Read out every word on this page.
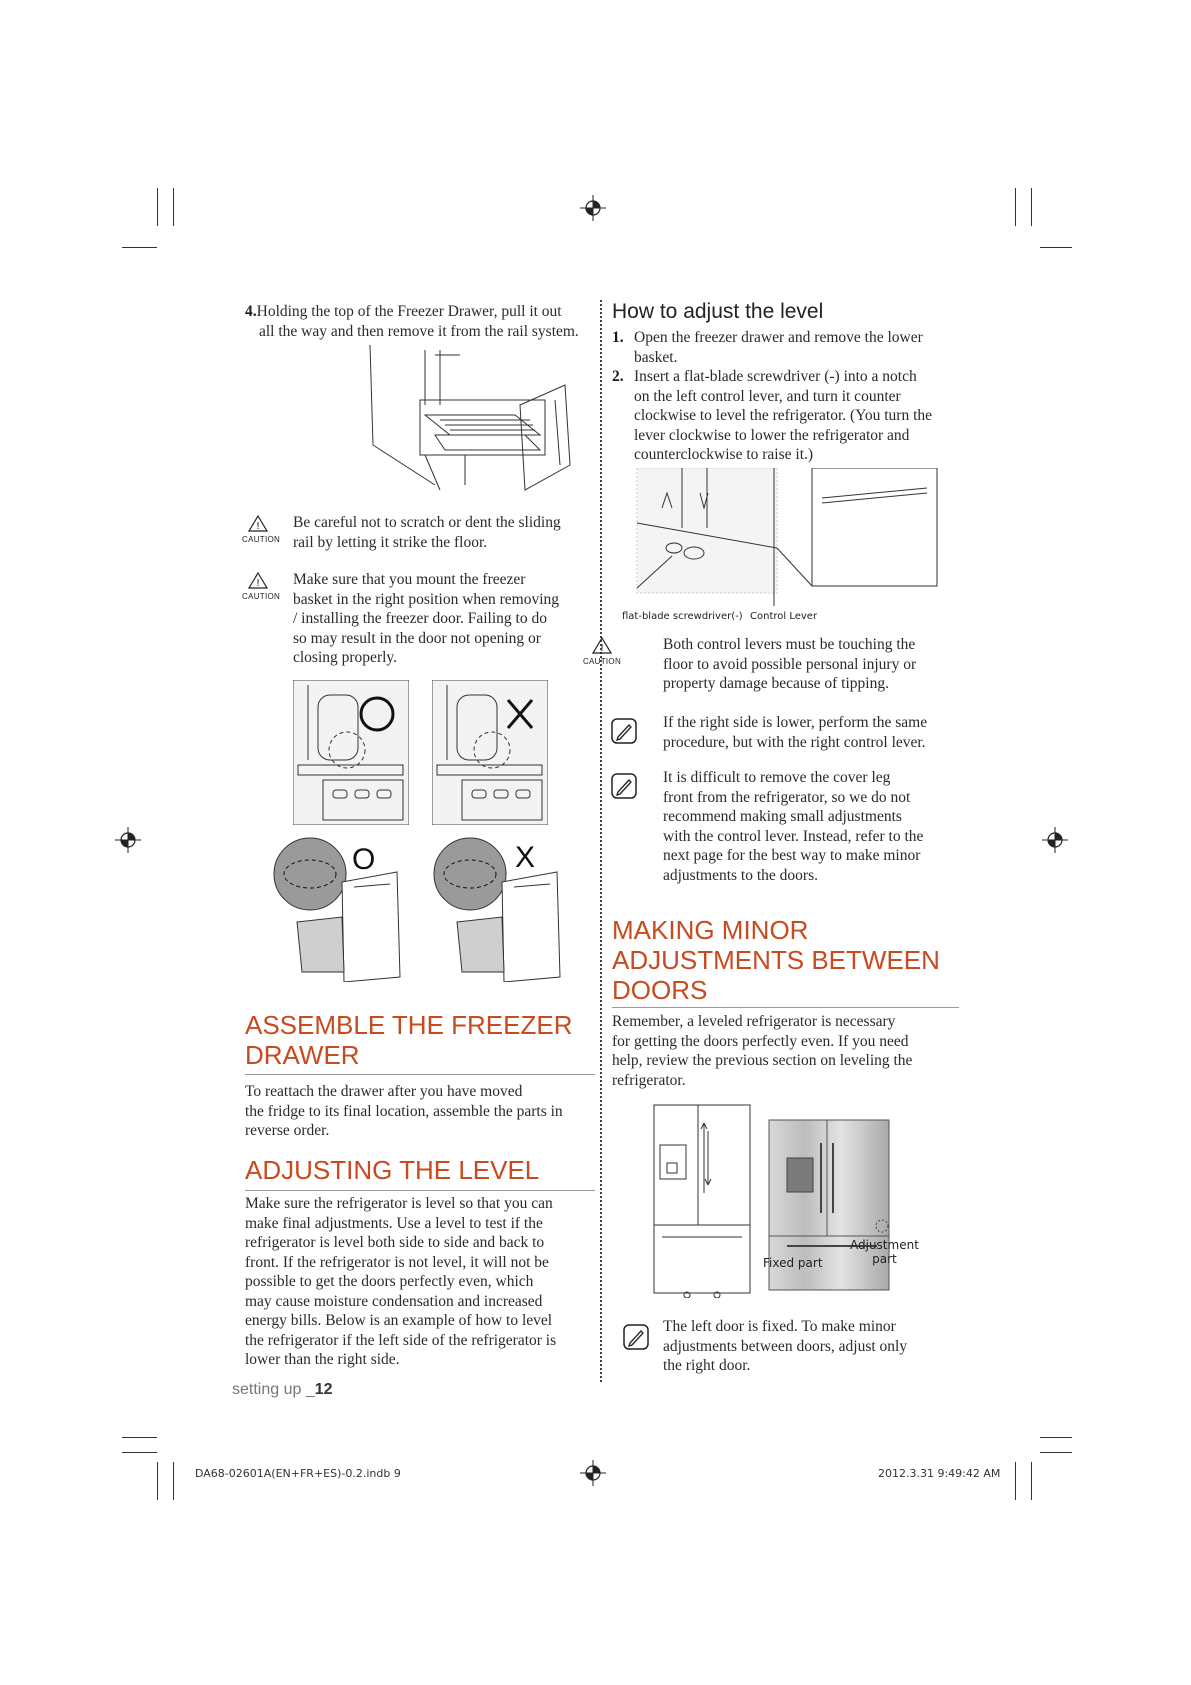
4.Holding the top of the Freezer Drawer, pull it out
all the way and then remove it from the rail system.
!
CAUTION
Be careful not to scratch or dent the sliding
rail by letting it strike the floor.
!
CAUTION
Make sure that you mount the freezer
basket in the right position when removing
/ installing the freezer door. Failing to do
so may result in the door not opening or
closing properly.
O	X
ASSEMBLE THE FREEZER
DRAWER
To reattach the drawer after you have moved
the fridge to its final location, assemble the parts in
reverse order.
ADJUSTING THE LEVEL
Make sure the refrigerator is level so that you can
make final adjustments. Use a level to test if the
refrigerator is level both side to side and back to
front. If the refrigerator is not level, it will not be
possible to get the doors perfectly even, which
may cause moisture condensation and increased
energy bills. Below is an example of how to level
the refrigerator if the left side of the refrigerator is
lower than the right side.
setting up _12
How to adjust the level
1. Open the freezer drawer and remove the lower
basket.
2. Insert a flat-blade screwdriver (-) into a notch
on the left control lever, and turn it counter
clockwise to level the refrigerator. (You turn the
lever clockwise to lower the refrigerator and
counterclockwise to raise it.)
flat-blade screwdriver(-) Control Lever
!
CAUTION
Both control levers must be touching the
floor to avoid possible personal injury or
property damage because of tipping.
If the right side is lower, perform the same
procedure, but with the right control lever.
It is difficult to remove the cover leg
front from the refrigerator, so we do not
recommend making small adjustments
with the control lever. Instead, refer to the
next page for the best way to make minor
adjustments to the doors.
MAKING MINOR
ADJUSTMENTS BETWEEN
DOORS
Remember, a leveled refrigerator is necessary
for getting the doors perfectly even. If you need
help, review the previous section on leveling the
refrigerator.
Fixed part
Adjustment
part
The left door is fixed. To make minor
adjustments between doors, adjust only
the right door.
DA68-02601A(EN+FR+ES)-0.2.indb 9	2012.3.31 9:49:42 AM
